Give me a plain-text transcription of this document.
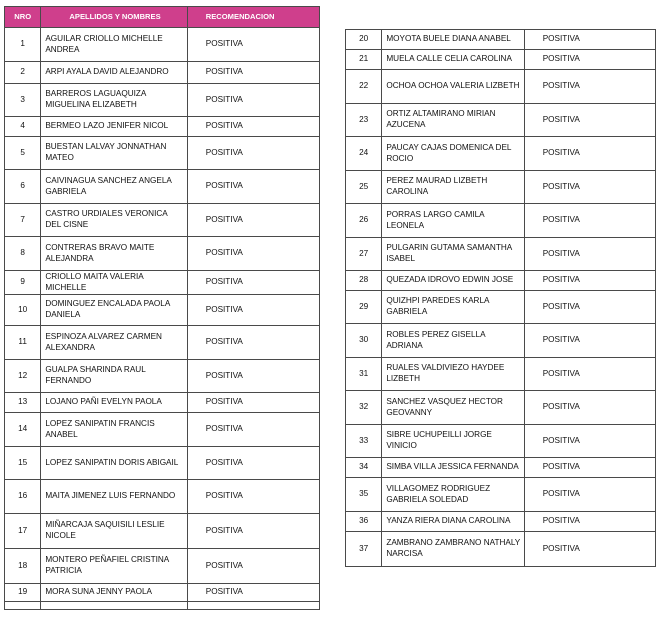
NRO	APELLIDOS Y NOMBRES	RECOMENDACION
1	AGUILAR CRIOLLO MICHELLE ANDREA	POSITIVA
2	ARPI AYALA DAVID ALEJANDRO	POSITIVA
3	BARREROS LAGUAQUIZA MIGUELINA ELIZABETH	POSITIVA
4	BERMEO LAZO JENIFER NICOL	POSITIVA
5	BUESTAN LALVAY JONNATHAN MATEO	POSITIVA
6	CAIVINAGUA SANCHEZ ANGELA GABRIELA	POSITIVA
7	CASTRO URDIALES VERONICA DEL CISNE	POSITIVA
8	CONTRERAS BRAVO MAITE ALEJANDRA	POSITIVA
9	CRIOLLO MAITA VALERIA MICHELLE	POSITIVA
10	DOMINGUEZ ENCALADA PAOLA DANIELA	POSITIVA
11	ESPINOZA ALVAREZ CARMEN ALEXANDRA	POSITIVA
12	GUALPA SHARINDA RAUL FERNANDO	POSITIVA
13	LOJANO PAÑI EVELYN PAOLA	POSITIVA
14	LOPEZ SANIPATIN FRANCIS ANABEL	POSITIVA
15	LOPEZ SANIPATIN DORIS ABIGAIL	POSITIVA
16	MAITA JIMENEZ LUIS FERNANDO	POSITIVA
17	MIÑARCAJA SAQUISILI LESLIE NICOLE	POSITIVA
18	MONTERO PEÑAFIEL CRISTINA PATRICIA	POSITIVA
19	MORA SUNA JENNY PAOLA	POSITIVA

20	MOYOTA BUELE DIANA ANABEL	POSITIVA
21	MUELA CALLE CELIA CAROLINA	POSITIVA
22	OCHOA OCHOA VALERIA LIZBETH	POSITIVA
23	ORTIZ ALTAMIRANO MIRIAN AZUCENA	POSITIVA
24	PAUCAY CAJAS DOMENICA DEL ROCIO	POSITIVA
25	PEREZ MAURAD LIZBETH CAROLINA	POSITIVA
26	PORRAS LARGO CAMILA LEONELA	POSITIVA
27	PULGARIN GUTAMA SAMANTHA ISABEL	POSITIVA
28	QUEZADA IDROVO EDWIN JOSE	POSITIVA
29	QUIZHPI PAREDES KARLA GABRIELA	POSITIVA
30	ROBLES PEREZ GISELLA ADRIANA	POSITIVA
31	RUALES VALDIVIEZO HAYDEE LIZBETH	POSITIVA
32	SANCHEZ VASQUEZ HECTOR GEOVANNY	POSITIVA
33	SIBRE UCHUPEILLI JORGE VINICIO	POSITIVA
34	SIMBA VILLA JESSICA FERNANDA	POSITIVA
35	VILLAGOMEZ RODRIGUEZ GABRIELA SOLEDAD	POSITIVA
36	YANZA RIERA DIANA CAROLINA	POSITIVA
37	ZAMBRANO ZAMBRANO NATHALY NARCISA	POSITIVA
